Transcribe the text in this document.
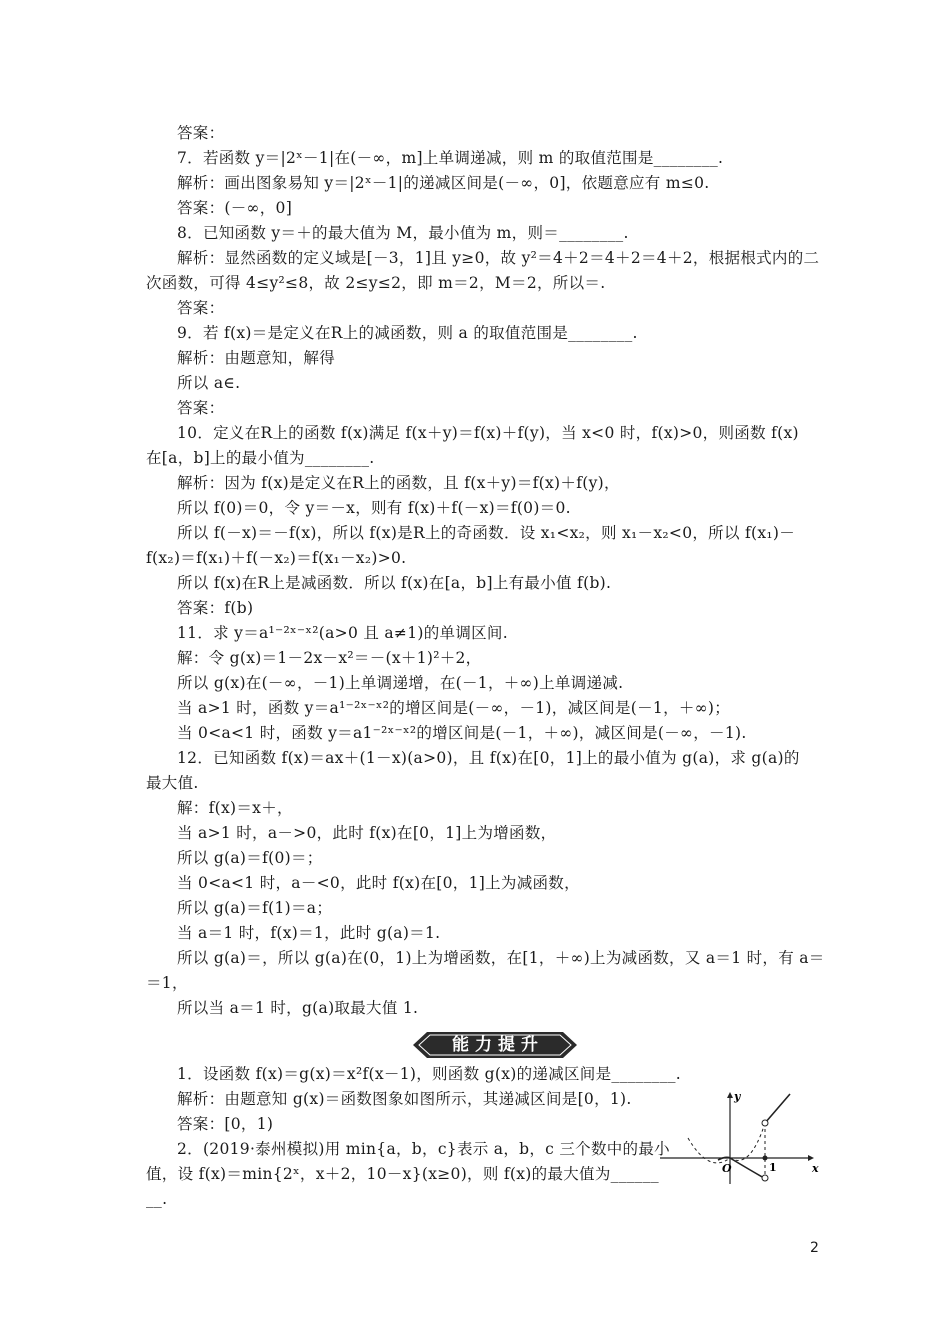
答案：
7．若函数 y＝|2ˣ－1|在(－∞，m]上单调递减，则 m 的取值范围是________.
解析：画出图象易知 y＝|2ˣ－1|的递减区间是(－∞，0]，依题意应有 m≤0.
答案：(－∞，0]
8．已知函数 y＝＋的最大值为 M，最小值为 m，则＝________.
解析：显然函数的定义域是[－3，1]且 y≥0，故 y²＝4＋2＝4＋2＝4＋2，根据根式内的二
次函数，可得 4≤y²≤8，故 2≤y≤2，即 m＝2，M＝2，所以＝.
答案：
9．若 f(x)＝是定义在R上的减函数，则 a 的取值范围是________.
解析：由题意知，解得
所以 a∈.
答案：
10．定义在R上的函数 f(x)满足 f(x＋y)＝f(x)＋f(y)，当 x<0 时，f(x)>0，则函数 f(x)
在[a，b]上的最小值为________.
解析：因为 f(x)是定义在R上的函数，且 f(x＋y)＝f(x)＋f(y)，
所以 f(0)＝0，令 y＝－x，则有 f(x)＋f(－x)＝f(0)＝0.
所以 f(－x)＝－f(x)，所以 f(x)是R上的奇函数．设 x₁<x₂，则 x₁－x₂<0，所以 f(x₁)－
f(x₂)＝f(x₁)＋f(－x₂)＝f(x₁－x₂)>0.
所以 f(x)在R上是减函数．所以 f(x)在[a，b]上有最小值 f(b).
答案：f(b)
11．求 y＝a¹⁻²ˣ⁻ˣ²(a>0 且 a≠1)的单调区间.
解：令 g(x)＝1－2x－x²＝－(x＋1)²＋2，
所以 g(x)在(－∞，－1)上单调递增，在(－1，＋∞)上单调递减.
当 a>1 时，函数 y＝a¹⁻²ˣ⁻ˣ²的增区间是(－∞，－1)，减区间是(－1，＋∞)；
当 0<a<1 时，函数 y＝a1⁻²ˣ⁻ˣ²的增区间是(－1，＋∞)，减区间是(－∞，－1).
12．已知函数 f(x)＝ax＋(1－x)(a>0)，且 f(x)在[0，1]上的最小值为 g(a)，求 g(a)的
最大值.
解：f(x)＝x＋，
当 a>1 时，a－>0，此时 f(x)在[0，1]上为增函数，
所以 g(a)＝f(0)＝；
当 0<a<1 时，a－<0，此时 f(x)在[0，1]上为减函数，
所以 g(a)＝f(1)＝a；
当 a＝1 时，f(x)＝1，此时 g(a)＝1.
所以 g(a)＝，所以 g(a)在(0，1)上为增函数，在[1，＋∞)上为减函数，又 a＝1 时，有 a＝
＝1，
所以当 a＝1 时，g(a)取最大值 1.
1．设函数 f(x)＝g(x)＝x²f(x－1)，则函数 g(x)的递减区间是________.
解析：由题意知 g(x)＝函数图象如图所示，其递减区间是[0，1).
答案：[0，1)
2．(2019·泰州模拟)用 min{a，b，c}表示 a，b，c 三个数中的最小
值，设 f(x)＝min{2ˣ，x＋2，10－x}(x≥0)，则 f(x)的最大值为______
__.
能力提升
O	1	x
y
2
